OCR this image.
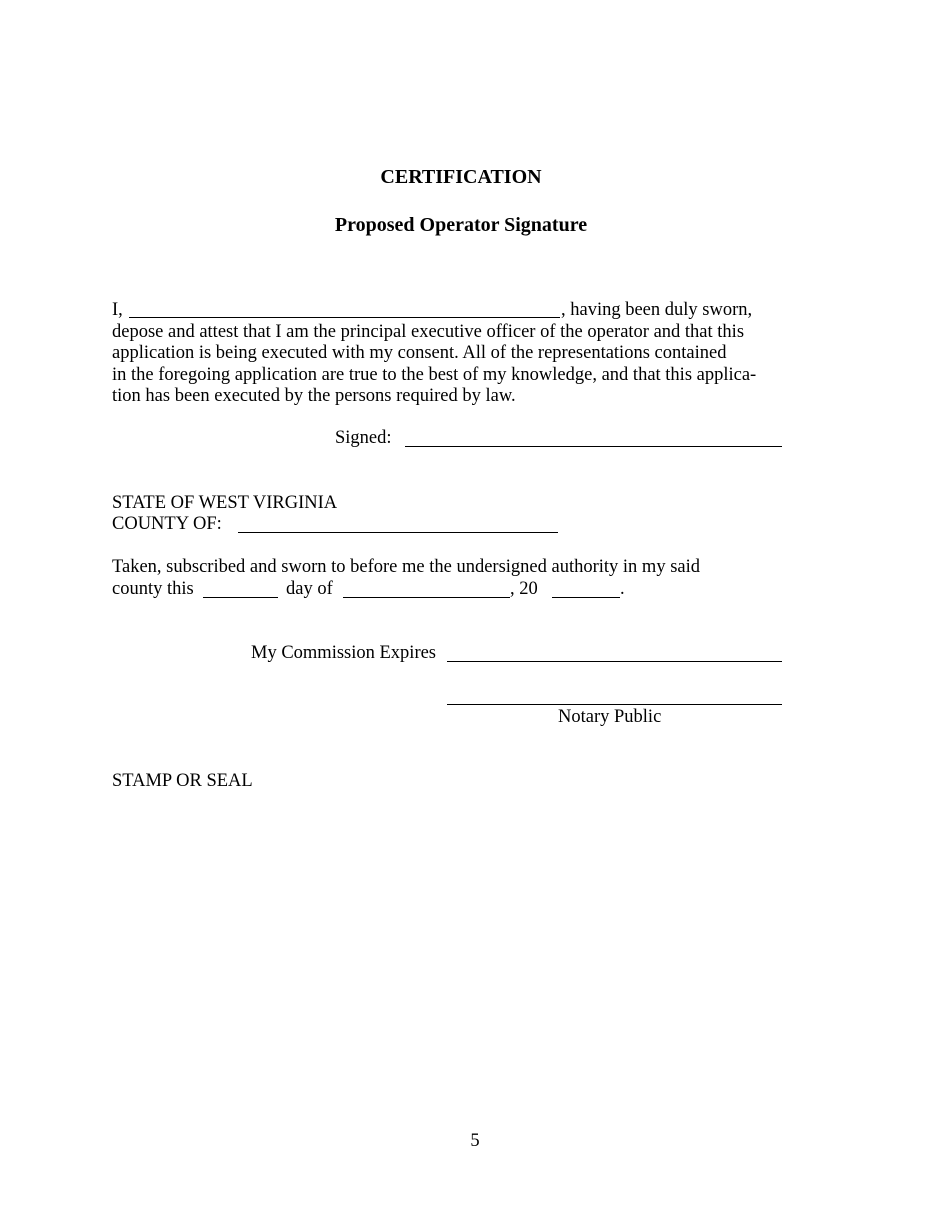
CERTIFICATION
Proposed Operator Signature
I,	, having been duly sworn,
depose and attest that I am the principal executive officer of the operator and that this
application is being executed with my consent. All of the representations contained
in the foregoing application are true to the best of my knowledge, and that this applica-
tion has been executed by the persons required by law.
Signed:
STATE OF WEST VIRGINIA
COUNTY OF:
Taken, subscribed and sworn to before me the undersigned authority in my said
county this	day of	, 20	.
My Commission Expires
Notary Public
STAMP OR SEAL
5
